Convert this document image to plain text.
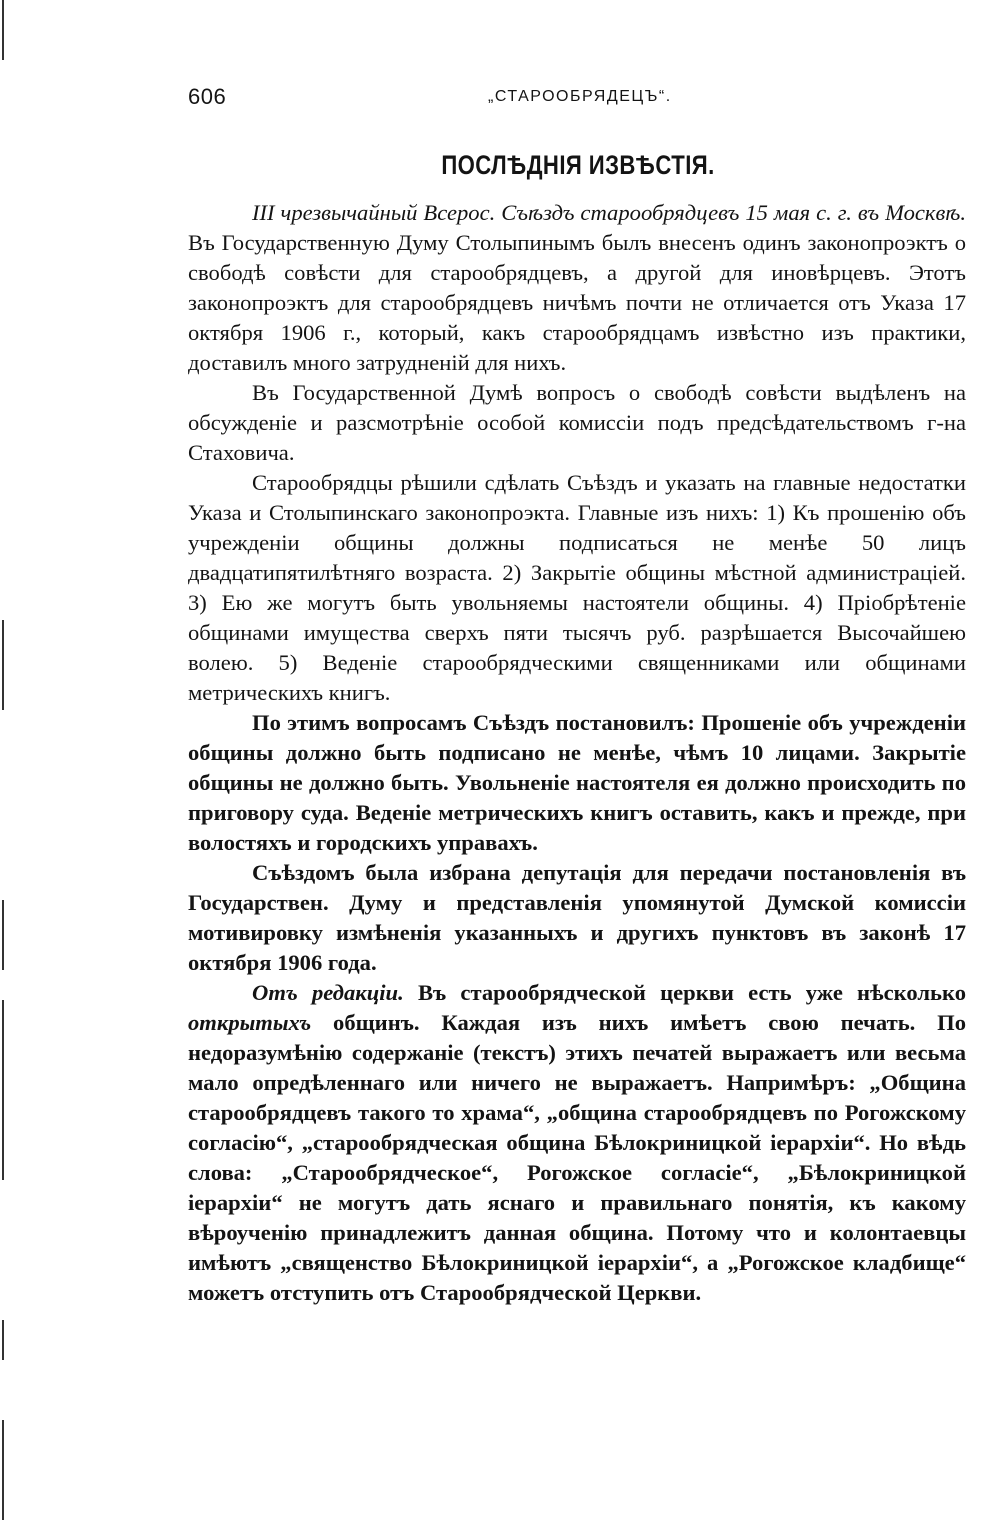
606	„СТАРООБРЯДЕЦЪ“.
ПОСЛѢДНІЯ ИЗВѢСТІЯ.

III чрезвычайный Всерос. Съѣздъ старообрядцевъ 15 мая с. г. въ Москвѣ. Въ Государственную Думу Столыпинымъ былъ внесенъ одинъ законопроэктъ о свободѣ совѣсти для старообрядцевъ, а другой для иновѣрцевъ. Этотъ законопроэктъ для старообрядцевъ ничѣмъ почти не отличается отъ Указа 17 октября 1906 г., который, какъ старообрядцамъ извѣстно изъ практики, доставилъ много затрудненій для нихъ.

Въ Государственной Думѣ вопросъ о свободѣ совѣсти выдѣленъ на обсужденіе и разсмотрѣніе особой комиссіи подъ предсѣдательствомъ г-на Стаховича.

Старообрядцы рѣшили сдѣлать Съѣздъ и указать на главные недостатки Указа и Столыпинскаго законопроэкта. Главные изъ нихъ: 1) Къ прошенію объ учрежденіи общины должны подписаться не менѣе 50 лицъ двадцатипятилѣтняго возраста. 2) Закрытіе общины мѣстной администраціей. 3) Ею же могутъ быть увольняемы настоятели общины. 4) Пріобрѣтеніе общинами имущества сверхъ пяти тысячъ руб. разрѣшается Высочайшею волею. 5) Веденіе старообрядческими священниками или общинами метрическихъ книгъ.

По этимъ вопросамъ Съѣздъ постановилъ: Прошеніе объ учрежденіи общины должно быть подписано не менѣе, чѣмъ 10 лицами. Закрытіе общины не должно быть. Увольненіе настоятеля ея должно происходить по приговору суда. Веденіе метрическихъ книгъ оставить, какъ и прежде, при волостяхъ и городскихъ управахъ.

Съѣздомъ была избрана депутація для передачи постановленія въ Государствен. Думу и представленія упомянутой Думской комиссіи мотивировку измѣненія указанныхъ и другихъ пунктовъ въ законѣ 17 октября 1906 года.

Отъ редакціи. Въ старообрядческой церкви есть уже нѣсколько открытыхъ общинъ. Каждая изъ нихъ имѣетъ свою печать. По недоразумѣнію содержаніе (текстъ) этихъ печатей выражаетъ или весьма мало опредѣленнаго или ничего не выражаетъ. Напримѣръ: „Община старообрядцевъ такого то храма“, „община старообрядцевъ по Рогожскому согласію“, „старообрядческая община Бѣлокриницкой іерархіи“. Но вѣдь слова: „Старообрядческое“, Рогожское согласіе“, „Бѣлокриницкой іерархіи“ не могутъ дать яснаго и правильнаго понятія, къ какому вѣроученію принадлежитъ данная община. Потому что и колонтаевцы имѣютъ „священство Бѣлокриницкой іерархіи“, а „Рогожское кладбище“ можетъ отступить отъ Старообрядческой Церкви.
